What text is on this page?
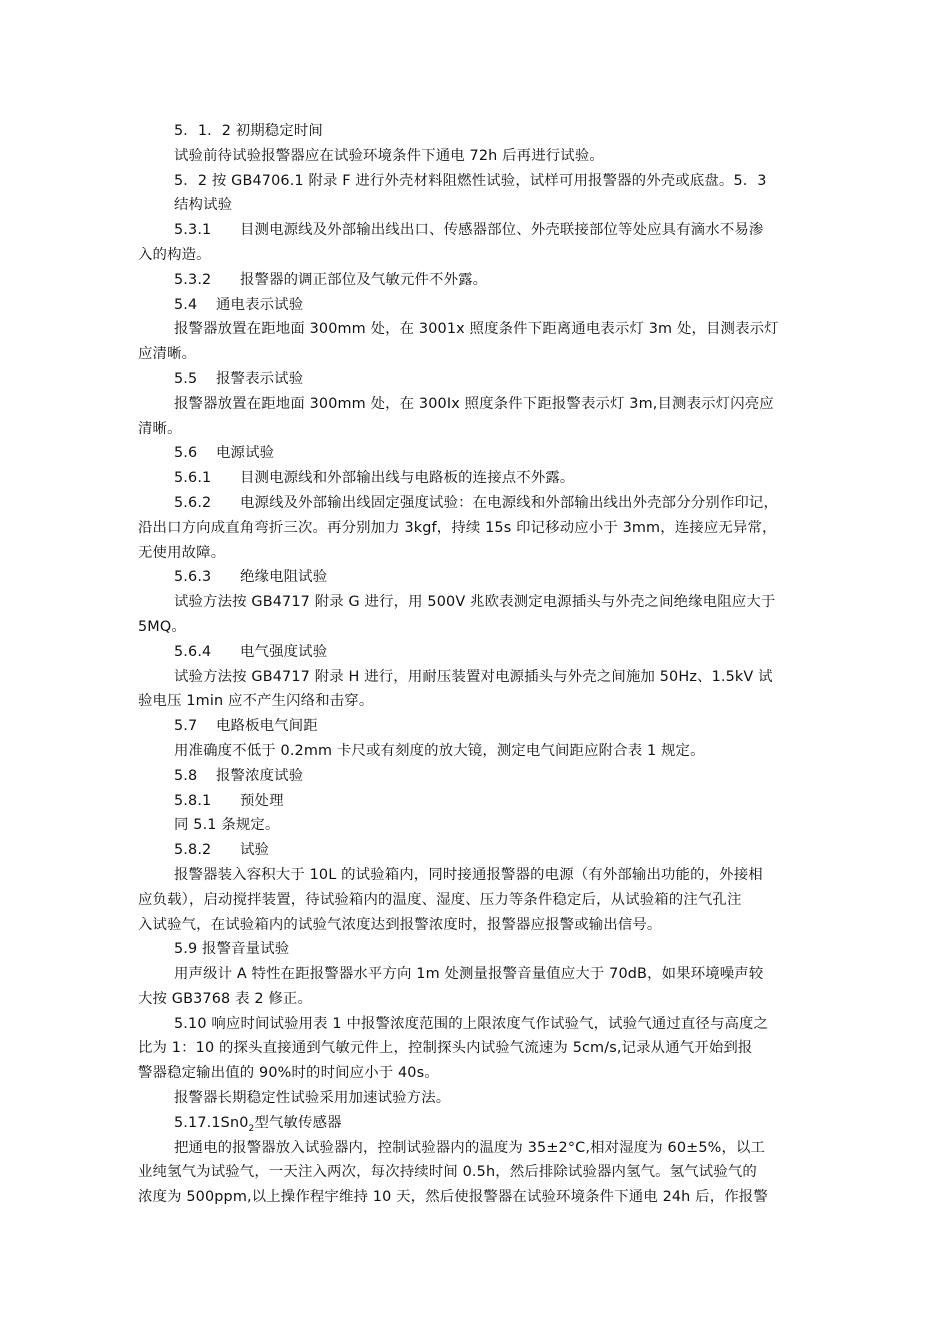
5．1．2 初期稳定时间
试验前待试验报警器应在试验环境条件下通电 72h 后再进行试验。
5．2 按 GB4706.1 附录 F 进行外壳材料阻燃性试验，试样可用报警器的外壳或底盘。5．3
结构试验
5.3.1 目测电源线及外部输出线出口、传感器部位、外壳联接部位等处应具有滴水不易渗
入的构造。
5.3.2 报警器的调正部位及气敏元件不外露。
5.4 通电表示试验
报警器放置在距地面 300mm 处，在 3001x 照度条件下距离通电表示灯 3m 处，目测表示灯
应清晰。
5.5 报警表示试验
报警器放置在距地面 300mm 处，在 300Ix 照度条件下距报警表示灯 3m,目测表示灯闪亮应
清晰。
5.6 电源试验
5.6.1 目测电源线和外部输出线与电路板的连接点不外露。
5.6.2 电源线及外部输出线固定强度试验：在电源线和外部输出线出外壳部分分别作印记，
沿出口方向成直角弯折三次。再分别加力 3kgf，持续 15s 印记移动应小于 3mm，连接应无异常，
无使用故障。
5.6.3 绝缘电阻试验
试验方法按 GB4717 附录 G 进行，用 500V 兆欧表测定电源插头与外壳之间绝缘电阻应大于
5MQ。
5.6.4 电气强度试验
试验方法按 GB4717 附录 H 进行，用耐压装置对电源插头与外壳之间施加 50Hz、1.5kV 试
验电压 1min 应不产生闪络和击穿。
5.7 电路板电气间距
用准确度不低于 0.2mm 卡尺或有刻度的放大镜，测定电气间距应附合表 1 规定。
5.8 报警浓度试验
5.8.1 预处理
同 5.1 条规定。
5.8.2 试验
报警器装入容积大于 10L 的试验箱内，同时接通报警器的电源（有外部输出功能的，外接相
应负载），启动搅拌装置，待试验箱内的温度、湿度、压力等条件稳定后，从试验箱的注气孔注
入试验气，在试验箱内的试验气浓度达到报警浓度时，报警器应报警或输出信号。
5.9 报警音量试验
用声级计 A 特性在距报警器水平方向 1m 处测量报警音量值应大于 70dB，如果环境噪声较
大按 GB3768 表 2 修正。
5.10 响应时间试验用表 1 中报警浓度范围的上限浓度气作试验气，试验气通过直径与高度之
比为 1：10 的探头直接通到气敏元件上，控制探头内试验气流速为 5cm/s,记录从通气开始到报
警器稳定输出值的 90%时的时间应小于 40s。
报警器长期稳定性试验采用加速试验方法。
$5.17.1Sn0_2$型气敏传感器
把通电的报警器放入试验器内，控制试验器内的温度为 35±2°C,相对湿度为 60±5%，以工
业纯氢气为试验气，一天注入两次，每次持续时间 0.5h，然后排除试验器内氢气。氢气试验气的
浓度为 500ppm,以上操作程宇维持 10 天，然后使报警器在试验环境条件下通电 24h 后，作报警
